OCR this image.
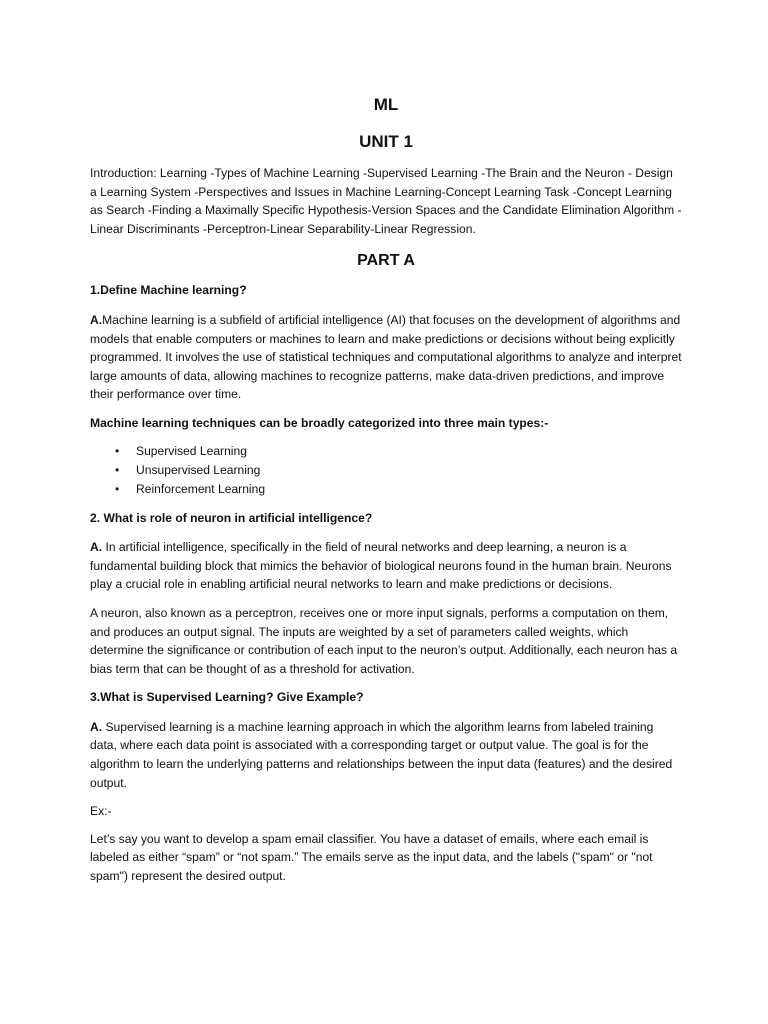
ML
UNIT 1

Introduction: Learning -Types of Machine Learning -Supervised Learning -The Brain and the Neuron - Design a Learning System -Perspectives and Issues in Machine Learning-Concept Learning Task -Concept Learning as Search -Finding a Maximally Specific Hypothesis-Version Spaces and the Candidate Elimination Algorithm -Linear Discriminants -Perceptron-Linear Separability-Linear Regression.

PART A

1.Define Machine learning?

A.Machine learning is a subfield of artificial intelligence (AI) that focuses on the development of algorithms and models that enable computers or machines to learn and make predictions or decisions without being explicitly programmed. It involves the use of statistical techniques and computational algorithms to analyze and interpret large amounts of data, allowing machines to recognize patterns, make data-driven predictions, and improve their performance over time.

Machine learning techniques can be broadly categorized into three main types:-

•	Supervised Learning
•	Unsupervised Learning
•	Reinforcement Learning

2. What is role of neuron in artificial intelligence?

A. In artificial intelligence, specifically in the field of neural networks and deep learning, a neuron is a fundamental building block that mimics the behavior of biological neurons found in the human brain. Neurons play a crucial role in enabling artificial neural networks to learn and make predictions or decisions.

A neuron, also known as a perceptron, receives one or more input signals, performs a computation on them, and produces an output signal. The inputs are weighted by a set of parameters called weights, which determine the significance or contribution of each input to the neuron’s output. Additionally, each neuron has a bias term that can be thought of as a threshold for activation.

3.What is Supervised Learning? Give Example?

A. Supervised learning is a machine learning approach in which the algorithm learns from labeled training data, where each data point is associated with a corresponding target or output value. The goal is for the algorithm to learn the underlying patterns and relationships between the input data (features) and the desired output.

Ex:-

Let’s say you want to develop a spam email classifier. You have a dataset of emails, where each email is labeled as either “spam” or “not spam.” The emails serve as the input data, and the labels ("spam" or "not spam") represent the desired output.
